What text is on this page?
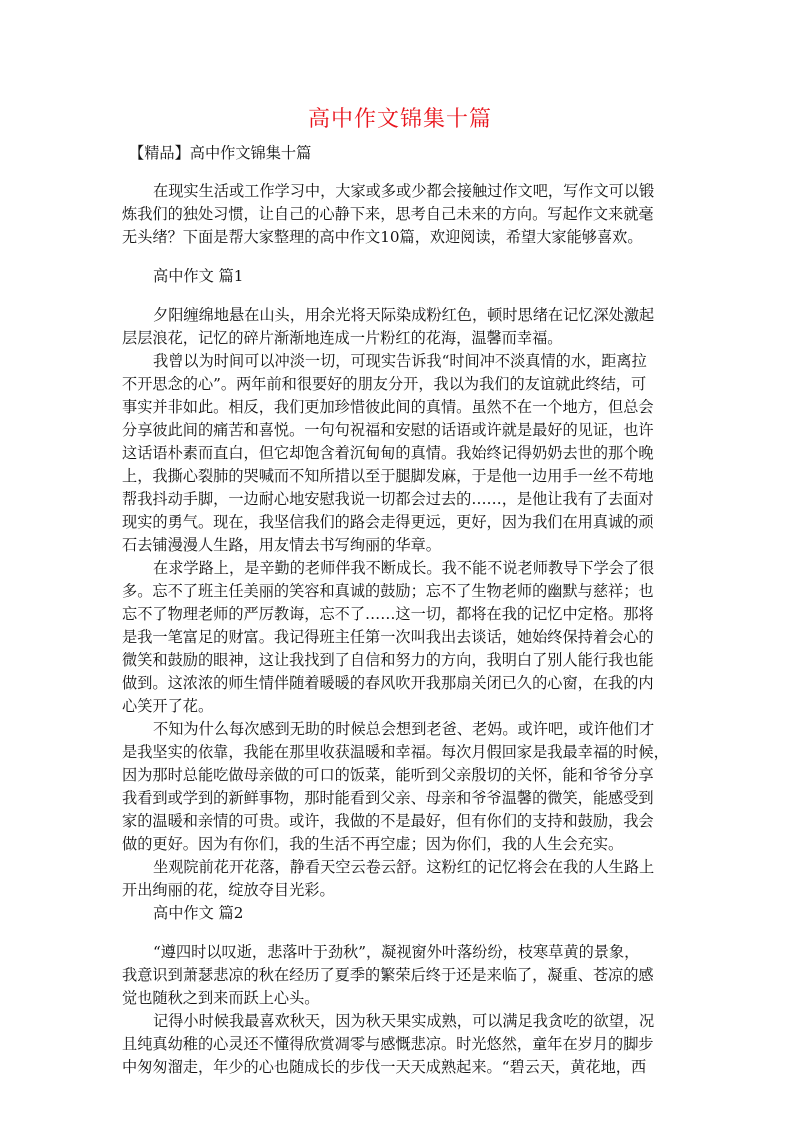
高中作文锦集十篇
【精品】高中作文锦集十篇
在现实生活或工作学习中，大家或多或少都会接触过作文吧，写作文可以锻
炼我们的独处习惯，让自己的心静下来，思考自己未来的方向。写起作文来就毫
无头绪？下面是帮大家整理的高中作文10篇，欢迎阅读，希望大家能够喜欢。
高中作文 篇1
夕阳缠绵地悬在山头，用余光将天际染成粉红色，顿时思绪在记忆深处激起
层层浪花，记忆的碎片渐渐地连成一片粉红的花海，温馨而幸福。
我曾以为时间可以冲淡一切，可现实告诉我“时间冲不淡真情的水，距离拉
不开思念的心”。两年前和很要好的朋友分开，我以为我们的友谊就此终结，可
事实并非如此。相反，我们更加珍惜彼此间的真情。虽然不在一个地方，但总会
分享彼此间的痛苦和喜悦。一句句祝福和安慰的话语或许就是最好的见证，也许
这话语朴素而直白，但它却饱含着沉甸甸的真情。我始终记得奶奶去世的那个晚
上，我撕心裂肺的哭喊而不知所措以至于腿脚发麻，于是他一边用手一丝不苟地
帮我抖动手脚，一边耐心地安慰我说一切都会过去的……，是他让我有了去面对
现实的勇气。现在，我坚信我们的路会走得更远，更好，因为我们在用真诚的顽
石去铺漫漫人生路，用友情去书写绚丽的华章。
在求学路上，是辛勤的老师伴我不断成长。我不能不说老师教导下学会了很
多。忘不了班主任美丽的笑容和真诚的鼓励；忘不了生物老师的幽默与慈祥；也
忘不了物理老师的严厉教诲，忘不了……这一切，都将在我的记忆中定格。那将
是我一笔富足的财富。我记得班主任第一次叫我出去谈话，她始终保持着会心的
微笑和鼓励的眼神，这让我找到了自信和努力的方向，我明白了别人能行我也能
做到。这浓浓的师生情伴随着暖暖的春风吹开我那扇关闭已久的心窗，在我的内
心笑开了花。
不知为什么每次感到无助的时候总会想到老爸、老妈。或许吧，或许他们才
是我坚实的依靠，我能在那里收获温暖和幸福。每次月假回家是我最幸福的时候，
因为那时总能吃做母亲做的可口的饭菜，能听到父亲殷切的关怀，能和爷爷分享
我看到或学到的新鲜事物，那时能看到父亲、母亲和爷爷温馨的微笑，能感受到
家的温暖和亲情的可贵。或许，我做的不是最好，但有你们的支持和鼓励，我会
做的更好。因为有你们，我的生活不再空虚；因为你们，我的人生会充实。
坐观院前花开花落，静看天空云卷云舒。这粉红的记忆将会在我的人生路上
开出绚丽的花，绽放夺目光彩。
高中作文 篇2
“遵四时以叹逝，悲落叶于劲秋”，凝视窗外叶落纷纷，枝寒草黄的景象，
我意识到萧瑟悲凉的秋在经历了夏季的繁荣后终于还是来临了，凝重、苍凉的感
觉也随秋之到来而跃上心头。
记得小时候我最喜欢秋天，因为秋天果实成熟，可以满足我贪吃的欲望，况
且纯真幼稚的心灵还不懂得欣赏凋零与感慨悲凉。时光悠然，童年在岁月的脚步
中匆匆溜走，年少的心也随成长的步伐一天天成熟起来。“碧云天，黄花地，西
